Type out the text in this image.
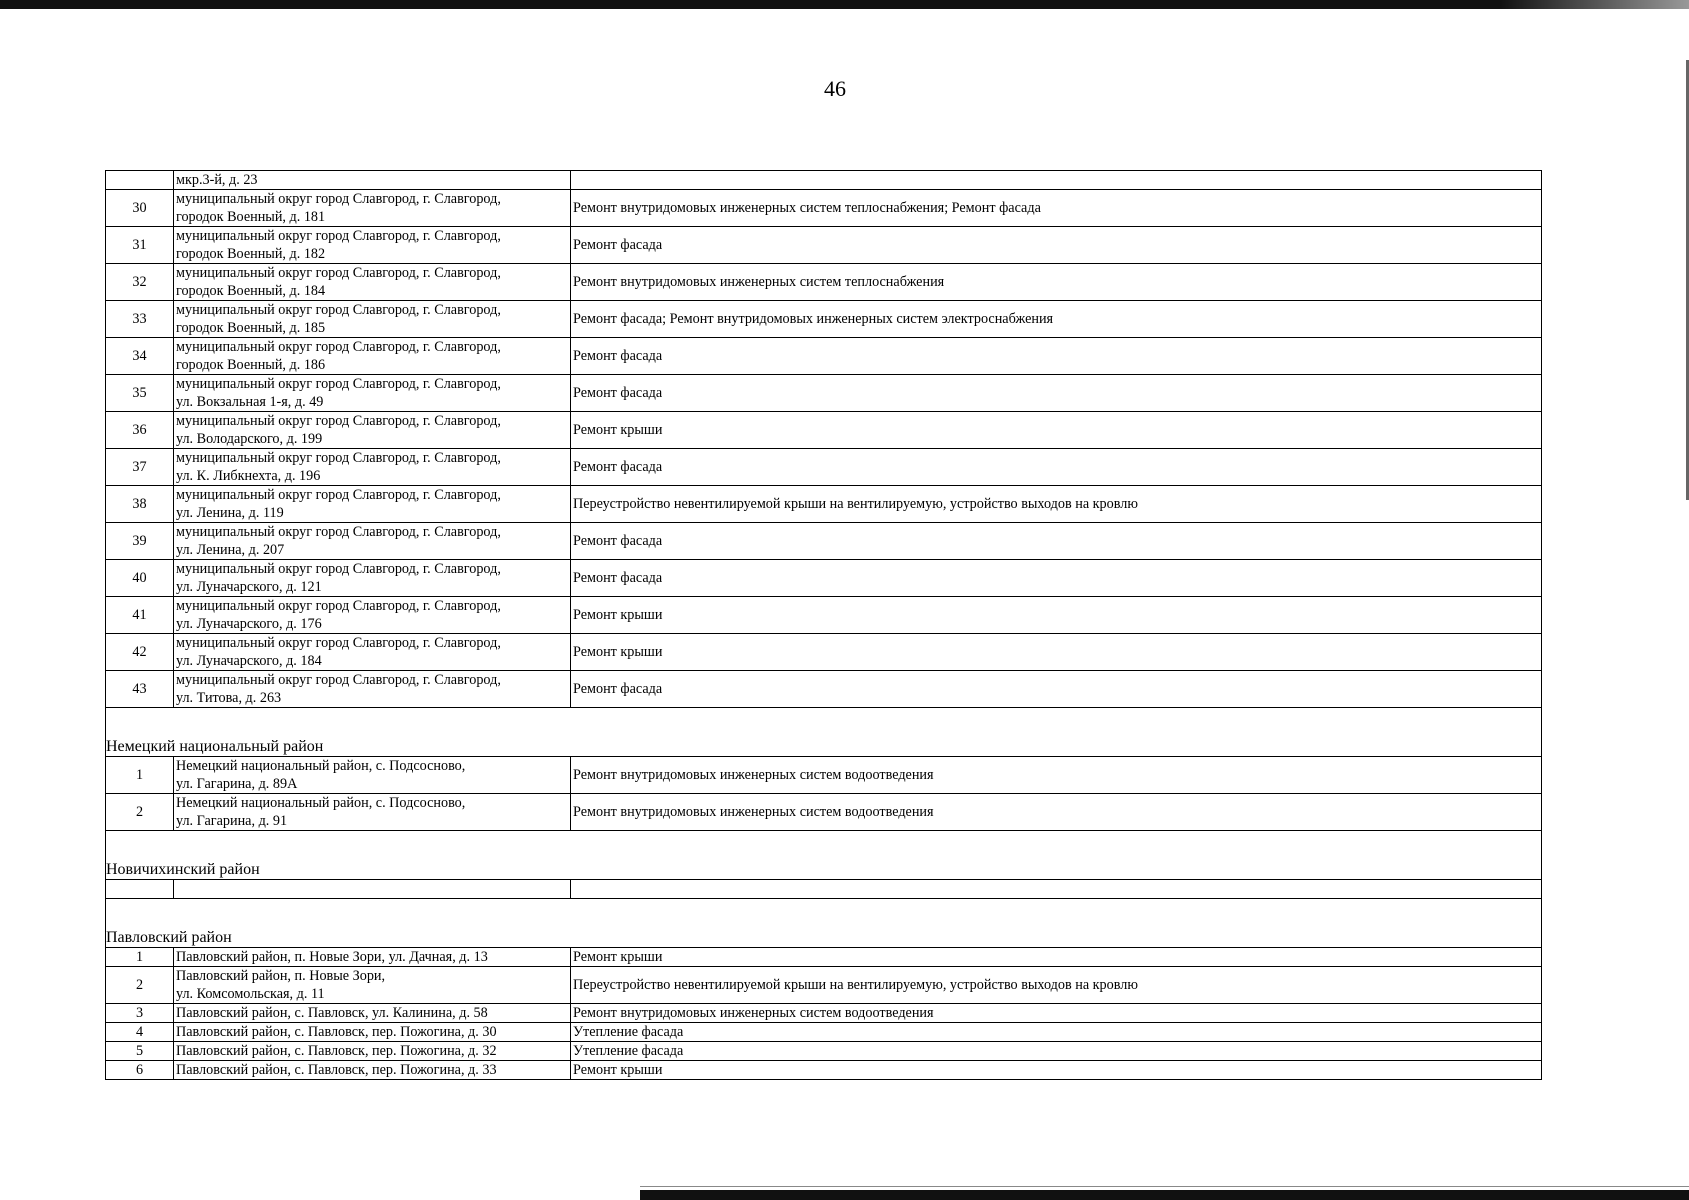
46
	мкр.3-й, д. 23	
30	муниципальный округ город Славгород, г. Славгород,
городок Военный, д. 181	Ремонт внутридомовых инженерных систем теплоснабжения; Ремонт фасада
31	муниципальный округ город Славгород, г. Славгород,
городок Военный, д. 182	Ремонт фасада
32	муниципальный округ город Славгород, г. Славгород,
городок Военный, д. 184	Ремонт внутридомовых инженерных систем теплоснабжения
33	муниципальный округ город Славгород, г. Славгород,
городок Военный, д. 185	Ремонт фасада; Ремонт внутридомовых инженерных систем электроснабжения
34	муниципальный округ город Славгород, г. Славгород,
городок Военный, д. 186	Ремонт фасада
35	муниципальный округ город Славгород, г. Славгород,
ул. Вокзальная 1-я, д. 49	Ремонт фасада
36	муниципальный округ город Славгород, г. Славгород,
ул. Володарского, д. 199	Ремонт крыши
37	муниципальный округ город Славгород, г. Славгород,
ул. К. Либкнехта, д. 196	Ремонт фасада
38	муниципальный округ город Славгород, г. Славгород,
ул. Ленина, д. 119	Переустройство невентилируемой крыши на вентилируемую, устройство выходов на кровлю
39	муниципальный округ город Славгород, г. Славгород,
ул. Ленина, д. 207	Ремонт фасада
40	муниципальный округ город Славгород, г. Славгород,
ул. Луначарского, д. 121	Ремонт фасада
41	муниципальный округ город Славгород, г. Славгород,
ул. Луначарского, д. 176	Ремонт крыши
42	муниципальный округ город Славгород, г. Славгород,
ул. Луначарского, д. 184	Ремонт крыши
43	муниципальный округ город Славгород, г. Славгород,
ул. Титова, д. 263	Ремонт фасада
Немецкий национальный район		
1	Немецкий национальный район, с. Подсосново,
ул. Гагарина, д. 89А	Ремонт внутридомовых инженерных систем водоотведения
2	Немецкий национальный район, с. Подсосново,
ул. Гагарина, д. 91	Ремонт внутридомовых инженерных систем водоотведения
Новичихинский район		

Павловский район		
1	Павловский район, п. Новые Зори, ул. Дачная, д. 13	Ремонт крыши
2	Павловский район, п. Новые Зори,
ул. Комсомольская, д. 11	Переустройство невентилируемой крыши на вентилируемую, устройство выходов на кровлю
3	Павловский район, с. Павловск, ул. Калинина, д. 58	Ремонт внутридомовых инженерных систем водоотведения
4	Павловский район, с. Павловск, пер. Пожогина, д. 30	Утепление фасада
5	Павловский район, с. Павловск, пер. Пожогина, д. 32	Утепление фасада
6	Павловский район, с. Павловск, пер. Пожогина, д. 33	Ремонт крыши
